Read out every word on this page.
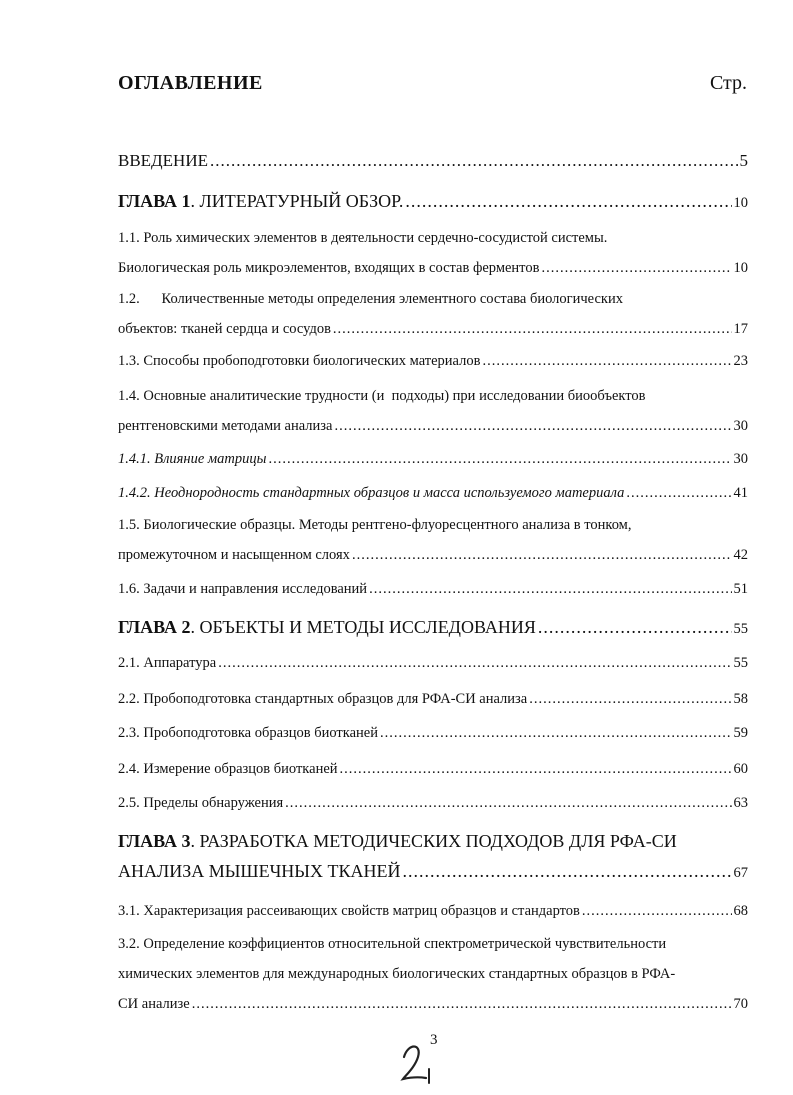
ОГЛАВЛЕНИЕ	Стр.
ВВЕДЕНИЕ .....	5
ГЛАВА 1 . ЛИТЕРАТУРНЫЙ ОБЗОР. .....	10
1.1. Роль химических элементов в деятельности сердечно-сосудистой системы.
Биологическая роль микроэлементов, входящих в состав ферментов .....	10
1.2.      Количественные методы определения элементного состава биологических
объектов: тканей сердца и сосудов .....	17
1.3. Способы пробоподготовки биологических материалов .....	23
1.4. Основные аналитические трудности (и  подходы) при исследовании биообъектов
рентгеновскими методами анализа .....	30
1.4.1. Влияние матрицы .....	30
1.4.2. Неоднородность стандартных образцов и масса используемого материала .....	41
1.5. Биологические образцы. Методы рентгено-флуоресцентного анализа в тонком,
промежуточном и насыщенном слоях .....	42
1.6. Задачи и направления исследований .....	51
ГЛАВА 2 . ОБЪЕКТЫ И МЕТОДЫ ИССЛЕДОВАНИЯ .....	55
2.1. Аппаратура .....	55
2.2. Пробоподготовка стандартных образцов для РФА-СИ анализа .....	58
2.3. Пробоподготовка образцов биотканей .....	59
2.4. Измерение образцов биотканей .....	60
2.5. Пределы обнаружения .....	63
ГЛАВА 3. РАЗРАБОТКА МЕТОДИЧЕСКИХ ПОДХОДОВ ДЛЯ РФА-СИ
АНАЛИЗА МЫШЕЧНЫХ ТКАНЕЙ .....	67
3.1. Характеризация рассеивающих свойств матриц образцов и стандартов .....	68
3.2. Определение коэффициентов относительной спектрометрической чувствительности
химических элементов для международных биологических стандартных образцов в РФА-
СИ анализе .....	70
3
